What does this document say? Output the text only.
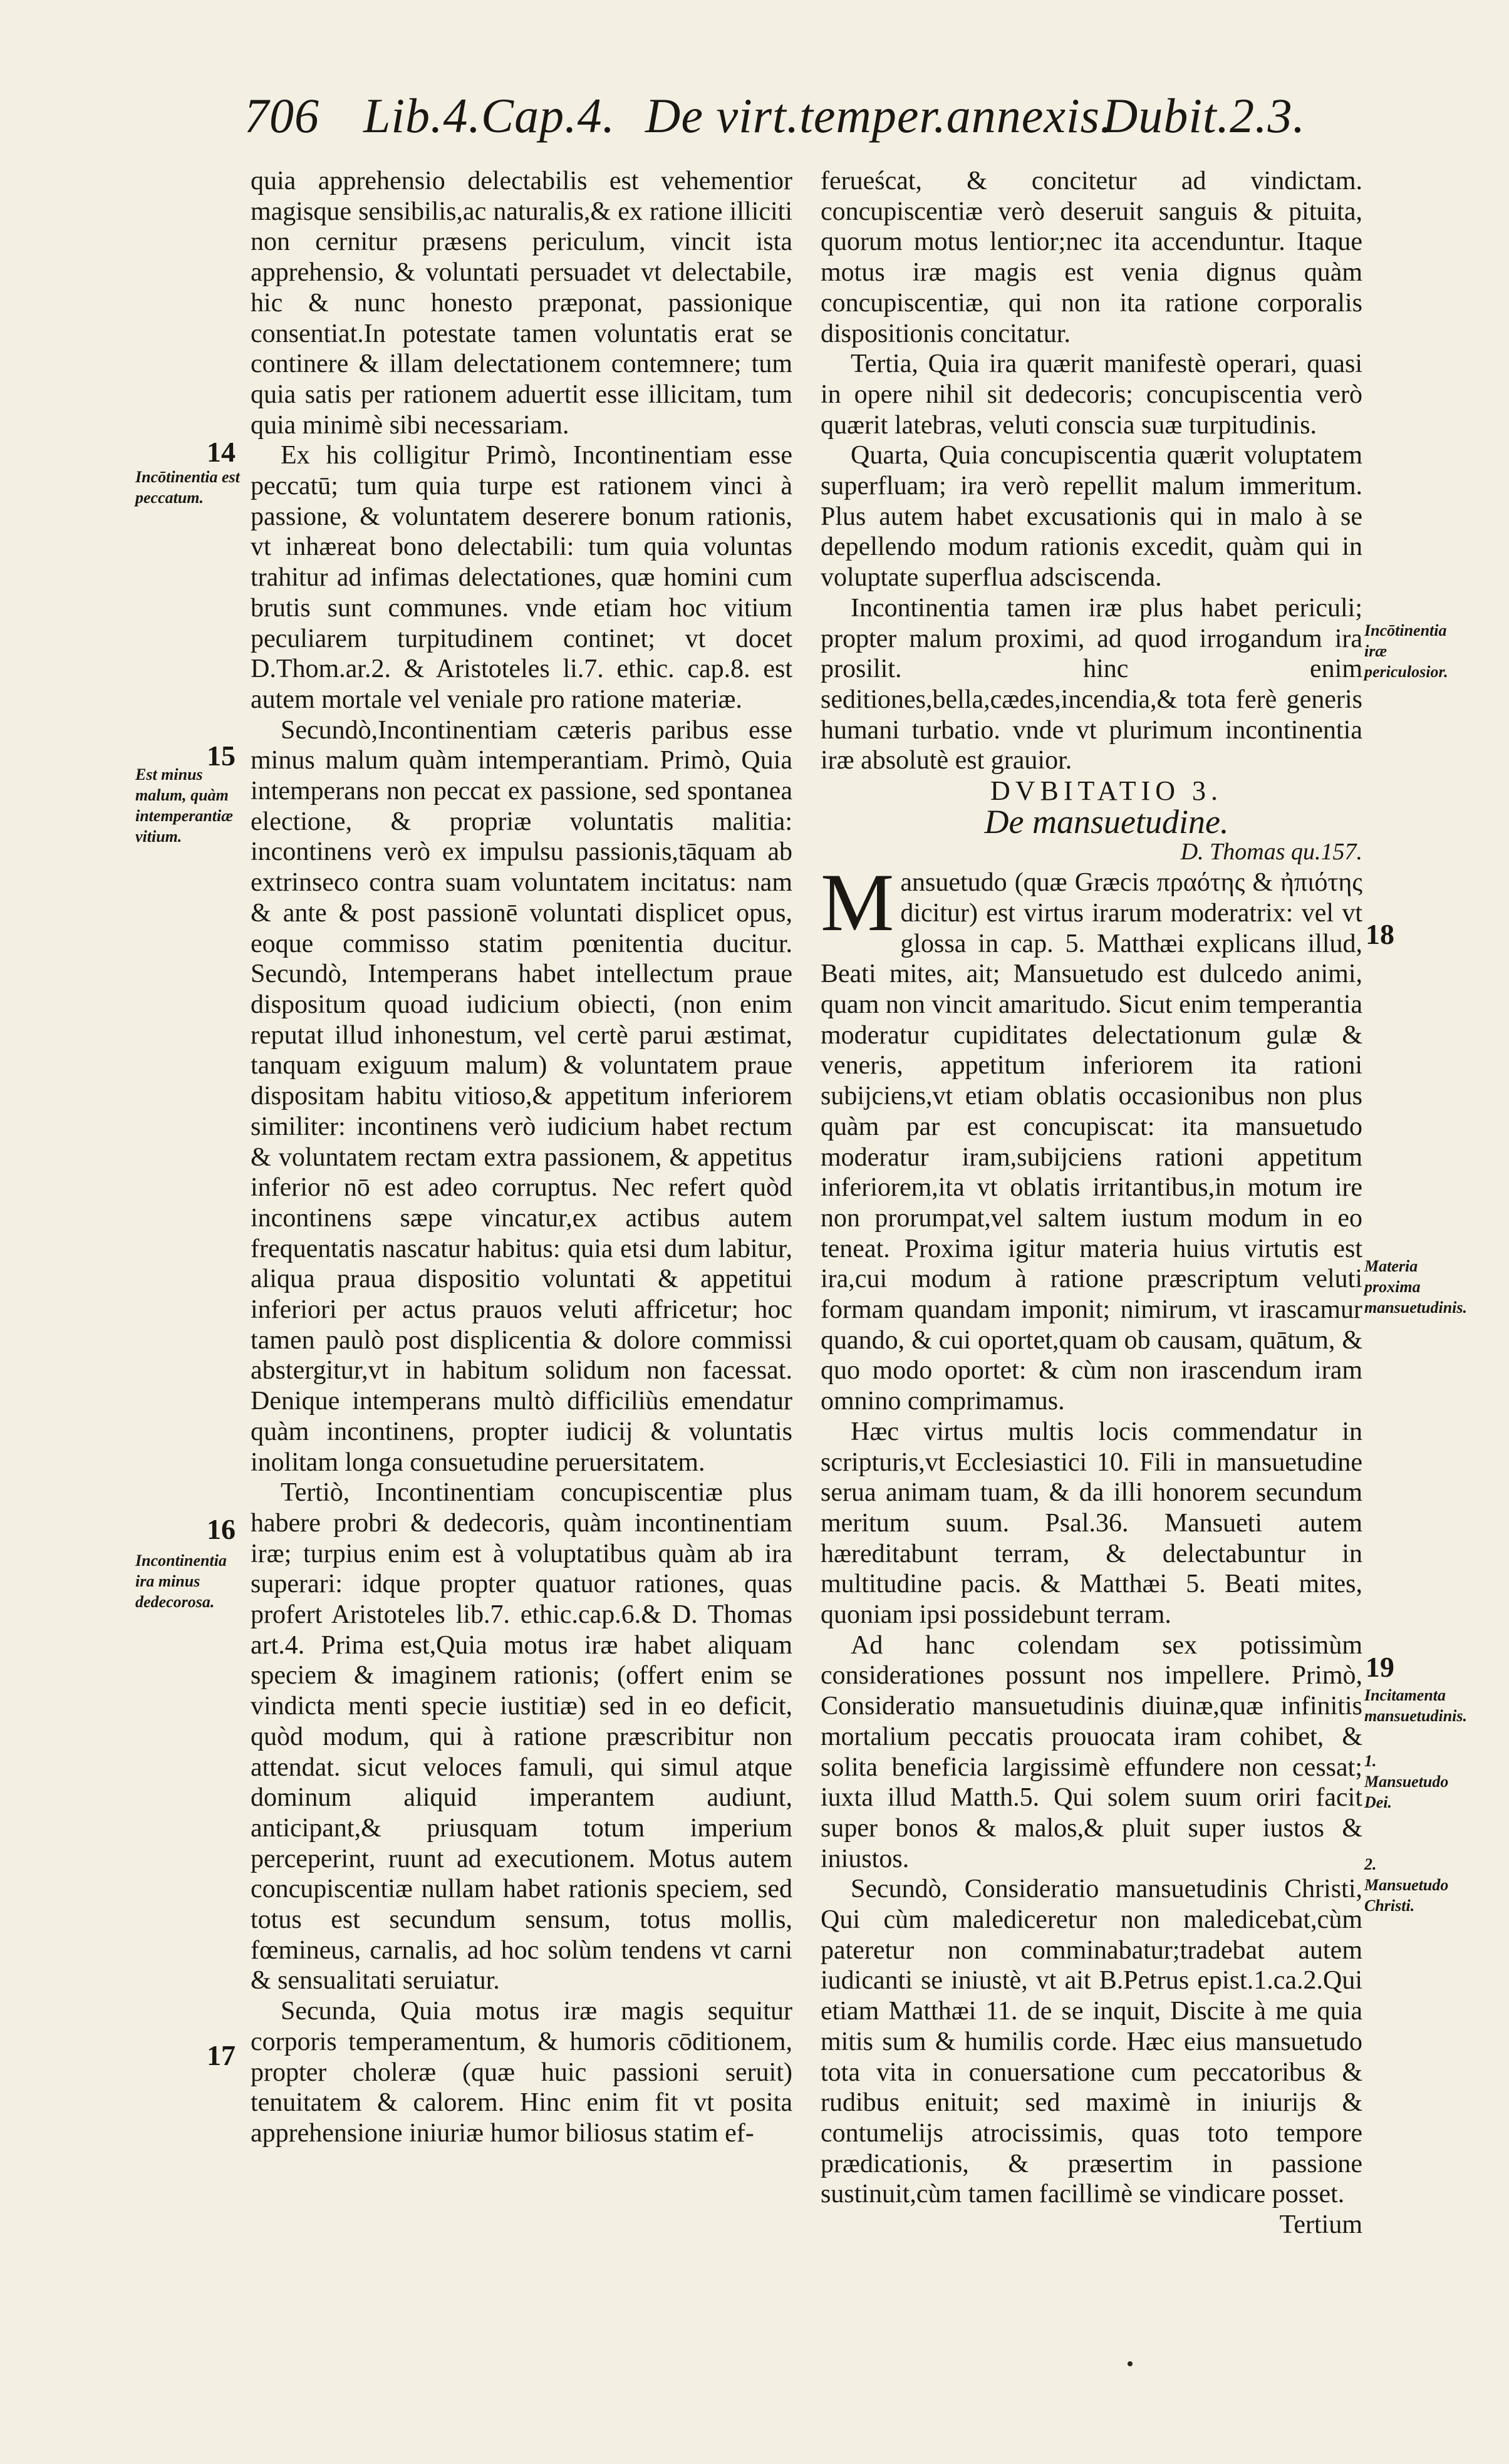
706 Lib.4.Cap.4. De virt.temper.annexis.
Dubit.2.3.

quia apprehensio delectabilis est vehementior magisque sensibilis,ac naturalis,& ex ratione illiciti non cernitur præsens periculum, vincit ista apprehensio, & voluntati persuadet vt delectabile, hic & nunc honesto præponat, passionique consentiat.In potestate tamen voluntatis erat se continere & illam delectationem contemnere; tum quia satis per rationem aduertit esse illicitam, tum quia minimè sibi necessariam.

Ex his colligitur Primò, Incontinentiam esse peccatū; tum quia turpe est rationem vinci à passione, & voluntatem deserere bonum rationis, vt inhæreat bono delectabili: tum quia voluntas trahitur ad infimas delectationes, quæ homini cum brutis sunt communes. vnde etiam hoc vitium peculiarem turpitudinem continet; vt docet D.Thom.ar.2. & Aristoteles li.7. ethic. cap.8. est autem mortale vel veniale pro ratione materiæ.

Secundò,Incontinentiam cæteris paribus esse minus malum quàm intemperantiam. Primò, Quia intemperans non peccat ex passione, sed spontanea electione, & propriæ voluntatis malitia: incontinens verò ex impulsu passionis,tāquam ab extrinseco contra suam voluntatem incitatus: nam & ante & post passionē voluntati displicet opus, eoque commisso statim pœnitentia ducitur. Secundò, Intemperans habet intellectum praue dispositum quoad iudicium obiecti, (non enim reputat illud inhonestum, vel certè parui æstimat, tanquam exiguum malum) & voluntatem praue dispositam habitu vitioso,& appetitum inferiorem similiter: incontinens verò iudicium habet rectum & voluntatem rectam extra passionem, & appetitus inferior nō est adeo corruptus. Nec refert quòd incontinens sæpe vincatur,ex actibus autem frequentatis nascatur habitus: quia etsi dum labitur, aliqua praua dispositio voluntati & appetitui inferiori per actus prauos veluti affricetur; hoc tamen paulò post displicentia & dolore commissi abstergitur,vt in habitum solidum non facessat. Denique intemperans multò difficiliùs emendatur quàm incontinens, propter iudicij & voluntatis inolitam longa consuetudine peruersitatem.

Tertiò, Incontinentiam concupiscentiæ plus habere probri & dedecoris, quàm incontinentiam iræ; turpius enim est à voluptatibus quàm ab ira superari: idque propter quatuor rationes, quas profert Aristoteles lib.7. ethic.cap.6.& D. Thomas art.4. Prima est,Quia motus iræ habet aliquam speciem & imaginem rationis; (offert enim se vindicta menti specie iustitiæ) sed in eo deficit, quòd modum, qui à ratione præscribitur non attendat. sicut veloces famuli, qui simul atque dominum aliquid imperantem audiunt, anticipant,& priusquam totum imperium perceperint, ruunt ad executionem. Motus autem concupiscentiæ nullam habet rationis speciem, sed totus est secundum sensum, totus mollis, fœmineus, carnalis, ad hoc solùm tendens vt carni & sensualitati seruiatur.

Secunda, Quia motus iræ magis sequitur corporis temperamentum, & humoris cōditionem, propter choleræ (quæ huic passioni seruit) tenuitatem & calorem. Hinc enim fit vt posita apprehensione iniuriæ humor biliosus statim ef-

ferueścat, & concitetur ad vindictam. concupiscentiæ verò deseruit sanguis & pituita, quorum motus lentior;nec ita accenduntur. Itaque motus iræ magis est venia dignus quàm concupiscentiæ, qui non ita ratione corporalis dispositionis concitatur.

Tertia, Quia ira quærit manifestè operari, quasi in opere nihil sit dedecoris; concupiscentia verò quærit latebras, veluti conscia suæ turpitudinis.

Quarta, Quia concupiscentia quærit voluptatem superfluam; ira verò repellit malum immeritum. Plus autem habet excusationis qui in malo à se depellendo modum rationis excedit, quàm qui in voluptate superflua adsciscenda.

Incontinentia tamen iræ plus habet periculi; propter malum proximi, ad quod irrogandum ira prosilit. hinc enim seditiones,bella,cædes,incendia,& tota ferè generis humani turbatio. vnde vt plurimum incontinentia iræ absolutè est grauior.

DVBITATIO 3.

De mansuetudine.

D. Thomas qu.157.

Mansuetudo (quæ Græcis πραότης & ἠπιότης dicitur) est virtus irarum moderatrix: vel vt glossa in cap. 5. Matthæi explicans illud, Beati mites, ait; Mansuetudo est dulcedo animi, quam non vincit amaritudo. Sicut enim temperantia moderatur cupiditates delectationum gulæ & veneris, appetitum inferiorem ita rationi subijciens,vt etiam oblatis occasionibus non plus quàm par est concupiscat: ita mansuetudo moderatur iram,subijciens rationi appetitum inferiorem,ita vt oblatis irritantibus,in motum ire non prorumpat,vel saltem iustum modum in eo teneat. Proxima igitur materia huius virtutis est ira,cui modum à ratione præscriptum veluti formam quandam imponit; nimirum, vt irascamur quando, & cui oportet,quam ob causam, quātum, & quo modo oportet: & cùm non irascendum iram omnino comprimamus.

Hæc virtus multis locis commendatur in scripturis,vt Ecclesiastici 10. Fili in mansuetudine serua animam tuam, & da illi honorem secundum meritum suum. Psal.36. Mansueti autem hæreditabunt terram, & delectabuntur in multitudine pacis. & Matthæi 5. Beati mites, quoniam ipsi possidebunt terram.

Ad hanc colendam sex potissimùm considerationes possunt nos impellere. Primò, Consideratio mansuetudinis diuinæ,quæ infinitis mortalium peccatis prouocata iram cohibet, & solita beneficia largissimè effundere non cessat; iuxta illud Matth.5. Qui solem suum oriri facit super bonos & malos,& pluit super iustos & iniustos.

Secundò, Consideratio mansuetudinis Christi, Qui cùm malediceretur non maledicebat,cùm pateretur non comminabatur;tradebat autem iudicanti se iniustè, vt ait B.Petrus epist.1.ca.2.Qui etiam Matthæi 11. de se inquit, Discite à me quia mitis sum & humilis corde. Hæc eius mansuetudo tota vita in conuersatione cum peccatoribus & rudibus enituit; sed maximè in iniurijs & contumelijs atrocissimis, quas toto tempore prædicationis, & præsertim in passione sustinuit,cùm tamen facillimè se vindicare posset.

Tertium

14
15
16
17
18
19
Incōtinentia est peccatum.
Est minus malum, quàm intemperantiæ vitium.
Incontinentia ira minus dedecorosa.
Incōtinentia iræ periculosior.
Materia proxima mansuetudinis.
Incitamenta mansuetudinis.
1. Mansuetudo Dei.
2. Mansuetudo Christi.
